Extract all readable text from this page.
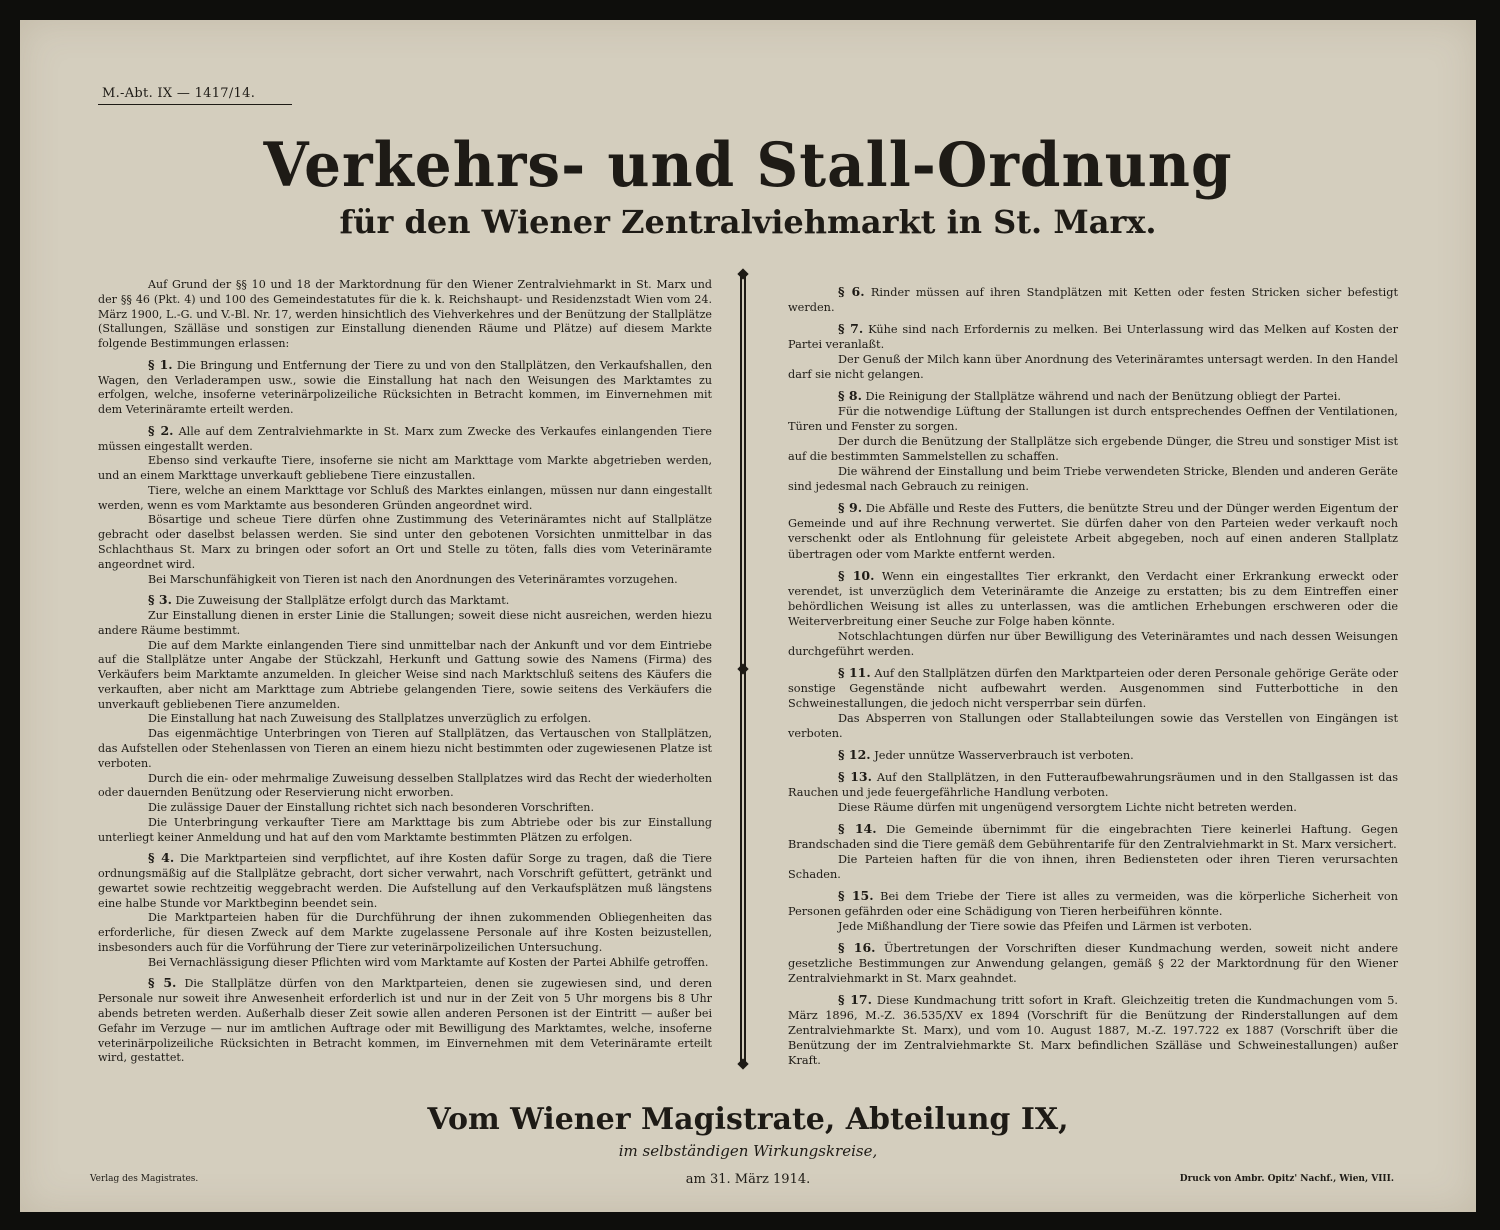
M.-Abt. IX — 1417/14.
Verkehrs- und Stall-Ordnung
für den Wiener Zentralviehmarkt in St. Marx.

Auf Grund der §§ 10 und 18 der Marktordnung für den Wiener Zentralviehmarkt in St. Marx und der §§ 46 (Pkt. 4) und 100 des Gemeindestatutes für die k. k. Reichshaupt- und Residenzstadt Wien vom 24. März 1900, L.-G. und V.-Bl. Nr. 17, werden hinsichtlich des Viehverkehres und der Benützung der Stallplätze (Stallungen, Szälläse und sonstigen zur Einstallung dienenden Räume und Plätze) auf diesem Markte folgende Bestimmungen erlassen:

§ 1. Die Bringung und Entfernung der Tiere zu und von den Stallplätzen, den Verkaufshallen, den Wagen, den Verladerampen usw., sowie die Einstallung hat nach den Weisungen des Marktamtes zu erfolgen, welche, insoferne veterinärpolizeiliche Rücksichten in Betracht kommen, im Einvernehmen mit dem Veterinäramte erteilt werden.

§ 2. Alle auf dem Zentralviehmarkte in St. Marx zum Zwecke des Verkaufes einlangenden Tiere müssen eingestallt werden.

Ebenso sind verkaufte Tiere, insoferne sie nicht am Markttage vom Markte abgetrieben werden, und an einem Markttage unverkauft gebliebene Tiere einzustallen.

Tiere, welche an einem Markttage vor Schluß des Marktes einlangen, müssen nur dann eingestallt werden, wenn es vom Marktamte aus besonderen Gründen angeordnet wird.

Bösartige und scheue Tiere dürfen ohne Zustimmung des Veterinäramtes nicht auf Stallplätze gebracht oder daselbst belassen werden. Sie sind unter den gebotenen Vorsichten unmittelbar in das Schlachthaus St. Marx zu bringen oder sofort an Ort und Stelle zu töten, falls dies vom Veterinäramte angeordnet wird.

Bei Marschunfähigkeit von Tieren ist nach den Anordnungen des Veterinäramtes vorzugehen.

§ 3. Die Zuweisung der Stallplätze erfolgt durch das Marktamt.

Zur Einstallung dienen in erster Linie die Stallungen; soweit diese nicht ausreichen, werden hiezu andere Räume bestimmt.

Die auf dem Markte einlangenden Tiere sind unmittelbar nach der Ankunft und vor dem Eintriebe auf die Stallplätze unter Angabe der Stückzahl, Herkunft und Gattung sowie des Namens (Firma) des Verkäufers beim Marktamte anzumelden. In gleicher Weise sind nach Marktschluß seitens des Käufers die verkauften, aber nicht am Markttage zum Abtriebe gelangenden Tiere, sowie seitens des Verkäufers die unverkauft gebliebenen Tiere anzumelden.

Die Einstallung hat nach Zuweisung des Stallplatzes unverzüglich zu erfolgen.

Das eigenmächtige Unterbringen von Tieren auf Stallplätzen, das Vertauschen von Stallplätzen, das Aufstellen oder Stehenlassen von Tieren an einem hiezu nicht bestimmten oder zugewiesenen Platze ist verboten.

Durch die ein- oder mehrmalige Zuweisung desselben Stallplatzes wird das Recht der wiederholten oder dauernden Benützung oder Reservierung nicht erworben.

Die zulässige Dauer der Einstallung richtet sich nach besonderen Vorschriften.

Die Unterbringung verkaufter Tiere am Markttage bis zum Abtriebe oder bis zur Einstallung unterliegt keiner Anmeldung und hat auf den vom Marktamte bestimmten Plätzen zu erfolgen.

§ 4. Die Marktparteien sind verpflichtet, auf ihre Kosten dafür Sorge zu tragen, daß die Tiere ordnungsmäßig auf die Stallplätze gebracht, dort sicher verwahrt, nach Vorschrift gefüttert, getränkt und gewartet sowie rechtzeitig weggebracht werden. Die Aufstellung auf den Verkaufsplätzen muß längstens eine halbe Stunde vor Marktbeginn beendet sein.

Die Marktparteien haben für die Durchführung der ihnen zukommenden Obliegenheiten das erforderliche, für diesen Zweck auf dem Markte zugelassene Personale auf ihre Kosten beizustellen, insbesonders auch für die Vorführung der Tiere zur veterinärpolizeilichen Untersuchung.

Bei Vernachlässigung dieser Pflichten wird vom Marktamte auf Kosten der Partei Abhilfe getroffen.

§ 5. Die Stallplätze dürfen von den Marktparteien, denen sie zugewiesen sind, und deren Personale nur soweit ihre Anwesenheit erforderlich ist und nur in der Zeit von 5 Uhr morgens bis 8 Uhr abends betreten werden. Außerhalb dieser Zeit sowie allen anderen Personen ist der Eintritt — außer bei Gefahr im Verzuge — nur im amtlichen Auftrage oder mit Bewilligung des Marktamtes, welche, insoferne veterinärpolizeiliche Rücksichten in Betracht kommen, im Einvernehmen mit dem Veterinäramte erteilt wird, gestattet.

§ 6. Rinder müssen auf ihren Standplätzen mit Ketten oder festen Stricken sicher befestigt werden.

§ 7. Kühe sind nach Erfordernis zu melken. Bei Unterlassung wird das Melken auf Kosten der Partei veranlaßt.

Der Genuß der Milch kann über Anordnung des Veterinäramtes untersagt werden. In den Handel darf sie nicht gelangen.

§ 8. Die Reinigung der Stallplätze während und nach der Benützung obliegt der Partei.

Für die notwendige Lüftung der Stallungen ist durch entsprechendes Oeffnen der Ventilationen, Türen und Fenster zu sorgen.

Der durch die Benützung der Stallplätze sich ergebende Dünger, die Streu und sonstiger Mist ist auf die bestimmten Sammelstellen zu schaffen.

Die während der Einstallung und beim Triebe verwendeten Stricke, Blenden und anderen Geräte sind jedesmal nach Gebrauch zu reinigen.

§ 9. Die Abfälle und Reste des Futters, die benützte Streu und der Dünger werden Eigentum der Gemeinde und auf ihre Rechnung verwertet. Sie dürfen daher von den Parteien weder verkauft noch verschenkt oder als Entlohnung für geleistete Arbeit abgegeben, noch auf einen anderen Stallplatz übertragen oder vom Markte entfernt werden.

§ 10. Wenn ein eingestalltes Tier erkrankt, den Verdacht einer Erkrankung erweckt oder verendet, ist unverzüglich dem Veterinäramte die Anzeige zu erstatten; bis zu dem Eintreffen einer behördlichen Weisung ist alles zu unterlassen, was die amtlichen Erhebungen erschweren oder die Weiterverbreitung einer Seuche zur Folge haben könnte.

Notschlachtungen dürfen nur über Bewilligung des Veterinäramtes und nach dessen Weisungen durchgeführt werden.

§ 11. Auf den Stallplätzen dürfen den Marktparteien oder deren Personale gehörige Geräte oder sonstige Gegenstände nicht aufbewahrt werden. Ausgenommen sind Futterbottiche in den Schweinestallungen, die jedoch nicht versperrbar sein dürfen.

Das Absperren von Stallungen oder Stallabteilungen sowie das Verstellen von Eingängen ist verboten.

§ 12. Jeder unnütze Wasserverbrauch ist verboten.

§ 13. Auf den Stallplätzen, in den Futteraufbewahrungsräumen und in den Stallgassen ist das Rauchen und jede feuergefährliche Handlung verboten.

Diese Räume dürfen mit ungenügend versorgtem Lichte nicht betreten werden.

§ 14. Die Gemeinde übernimmt für die eingebrachten Tiere keinerlei Haftung. Gegen Brandschaden sind die Tiere gemäß dem Gebührentarife für den Zentralviehmarkt in St. Marx versichert.

Die Parteien haften für die von ihnen, ihren Bediensteten oder ihren Tieren verursachten Schaden.

§ 15. Bei dem Triebe der Tiere ist alles zu vermeiden, was die körperliche Sicherheit von Personen gefährden oder eine Schädigung von Tieren herbeiführen könnte.

Jede Mißhandlung der Tiere sowie das Pfeifen und Lärmen ist verboten.

§ 16. Übertretungen der Vorschriften dieser Kundmachung werden, soweit nicht andere gesetzliche Bestimmungen zur Anwendung gelangen, gemäß § 22 der Marktordnung für den Wiener Zentralviehmarkt in St. Marx geahndet.

§ 17. Diese Kundmachung tritt sofort in Kraft. Gleichzeitig treten die Kundmachungen vom 5. März 1896, M.-Z. 36.535/XV ex 1894 (Vorschrift für die Benützung der Rinderstallungen auf dem Zentralviehmarkte St. Marx), und vom 10. August 1887, M.-Z. 197.722 ex 1887 (Vorschrift über die Benützung der im Zentralviehmarkte St. Marx befindlichen Szälläse und Schweinestallungen) außer Kraft.

Vom Wiener Magistrate, Abteilung IX,
im selbständigen Wirkungskreise,
am 31. März 1914.
Verlag des Magistrates.	Druck von Ambr. Opitz' Nachf., Wien, VIII.
